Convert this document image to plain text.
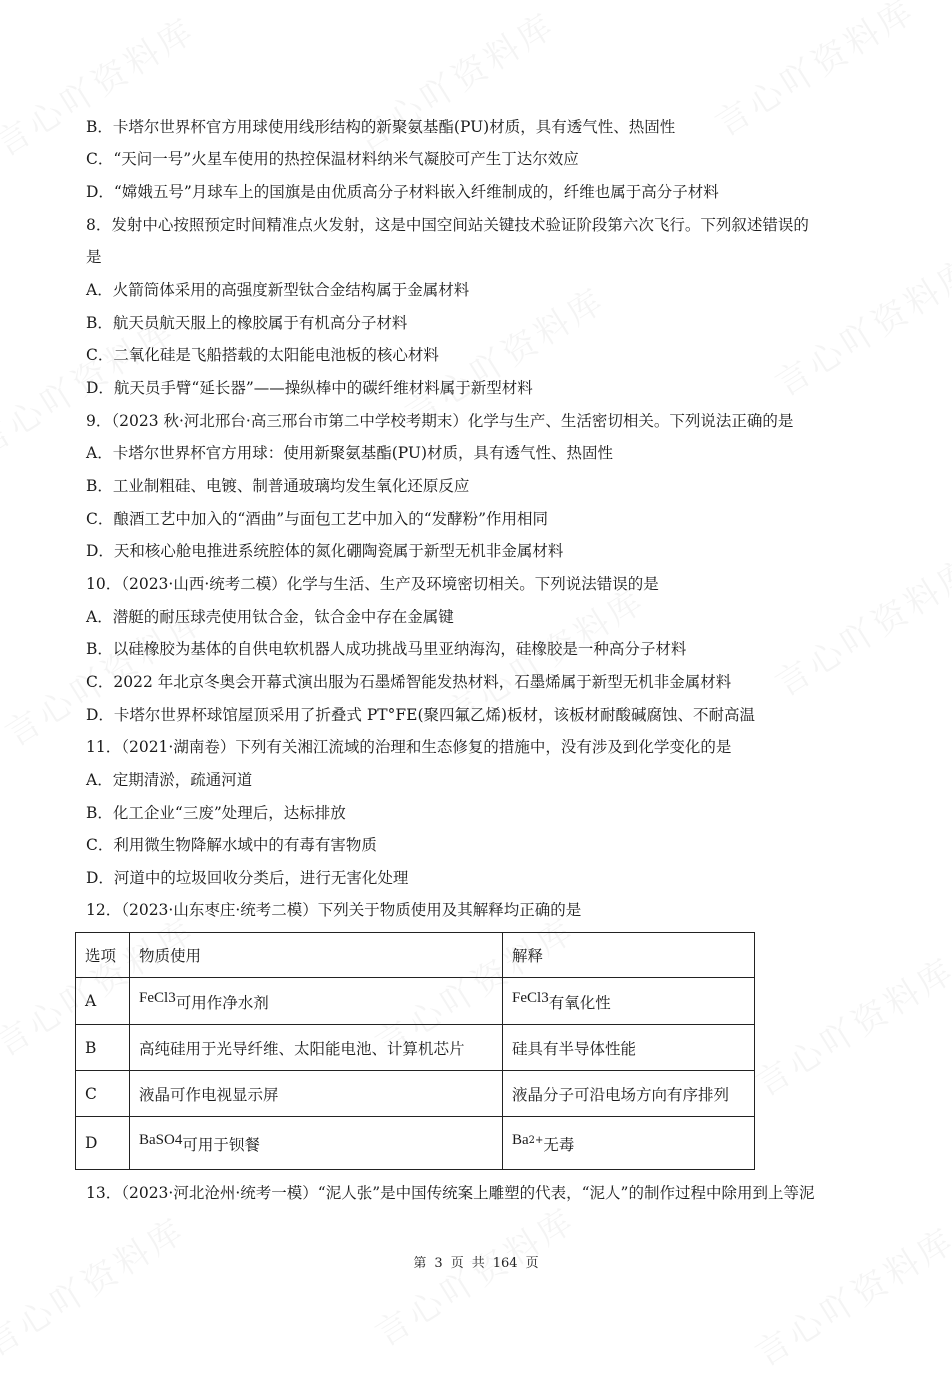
B．卡塔尔世界杯官方用球使用线形结构的新聚氨基酯(PU)材质，具有透气性、热固性
C．“天问一号”火星车使用的热控保温材料纳米气凝胶可产生丁达尔效应
D．“嫦娥五号”月球车上的国旗是由优质高分子材料嵌入纤维制成的，纤维也属于高分子材料
8．发射中心按照预定时间精准点火发射，这是中国空间站关键技术验证阶段第六次飞行。下列叙述错误的
是
A．火箭筒体采用的高强度新型钛合金结构属于金属材料
B．航天员航天服上的橡胶属于有机高分子材料
C．二氧化硅是飞船搭载的太阳能电池板的核心材料
D．航天员手臂“延长器”——操纵棒中的碳纤维材料属于新型材料
9．（2023 秋·河北邢台·高三邢台市第二中学校考期末）化学与生产、生活密切相关。下列说法正确的是
A．卡塔尔世界杯官方用球：使用新聚氨基酯(PU)材质，具有透气性、热固性
B．工业制粗硅、电镀、制普通玻璃均发生氧化还原反应
C．酿酒工艺中加入的“酒曲”与面包工艺中加入的“发酵粉”作用相同
D．天和核心舱电推进系统腔体的氮化硼陶瓷属于新型无机非金属材料
10．（2023·山西·统考二模）化学与生活、生产及环境密切相关。下列说法错误的是
A．潜艇的耐压球壳使用钛合金，钛合金中存在金属键
B．以硅橡胶为基体的自供电软机器人成功挑战马里亚纳海沟，硅橡胶是一种高分子材料
C．2022 年北京冬奥会开幕式演出服为石墨烯智能发热材料，石墨烯属于新型无机非金属材料
D．卡塔尔世界杯球馆屋顶采用了折叠式 PT°FE(聚四氟乙烯)板材，该板材耐酸碱腐蚀、不耐高温
11．（2021·湖南卷）下列有关湘江流域的治理和生态修复的措施中，没有涉及到化学变化的是
A．定期清淤，疏通河道
B．化工企业“三废”处理后，达标排放
C．利用微生物降解水域中的有毒有害物质
D．河道中的垃圾回收分类后，进行无害化处理
12．（2023·山东枣庄·统考二模）下列关于物质使用及其解释均正确的是
选项	物质使用	解释
A	FeCl3可用作净水剂	FeCl3有氧化性
B	高纯硅用于光导纤维、太阳能电池、计算机芯片	硅具有半导体性能
C	液晶可作电视显示屏	液晶分子可沿电场方向有序排列
D	BaSO4可用于钡餐	$Ba^{2+}$无毒
13．（2023·河北沧州·统考一模）“泥人张”是中国传统案上雕塑的代表，“泥人”的制作过程中除用到上等泥
第 3 页 共 164 页
